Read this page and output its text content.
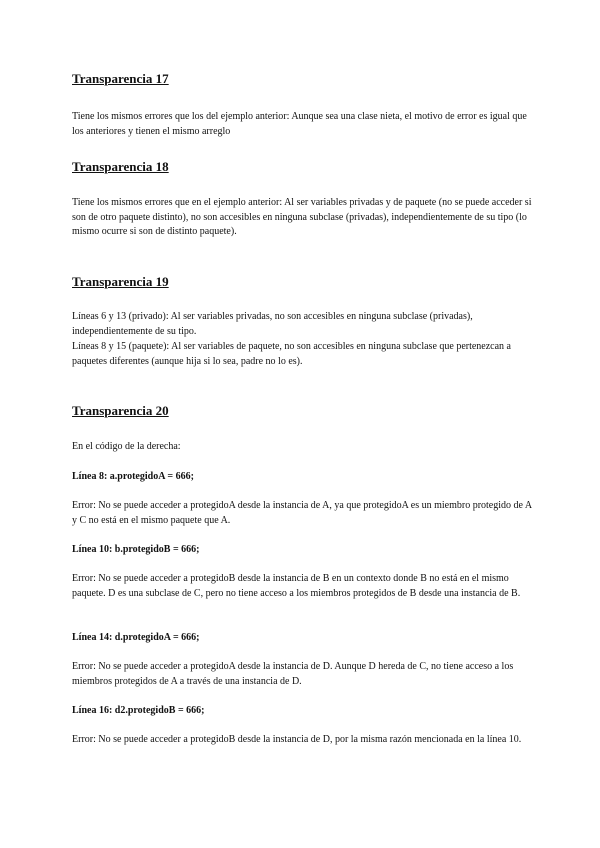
Transparencia 17

Tiene los mismos errores que los del ejemplo anterior: Aunque sea una clase nieta, el motivo de error es igual que los anteriores y tienen el mismo arreglo

Transparencia 18

Tiene los mismos errores que en el ejemplo anterior: Al ser variables privadas y de paquete (no se puede acceder si son de otro paquete distinto), no son accesibles en ninguna subclase (privadas), independientemente de su tipo (lo mismo ocurre si son de distinto paquete).

Transparencia 19

Líneas 6 y 13 (privado): Al ser variables privadas, no son accesibles en ninguna subclase (privadas), independientemente de su tipo.

Líneas 8 y 15 (paquete): Al ser variables de paquete, no son accesibles en ninguna subclase que pertenezcan a paquetes diferentes (aunque hija si lo sea, padre no lo es).

Transparencia 20

En el código de la derecha:

Línea 8: a.protegidoA = 666;

Error: No se puede acceder a protegidoA desde la instancia de A, ya que protegidoA es un miembro protegido de A y C no está en el mismo paquete que A.

Línea 10: b.protegidoB = 666;

Error: No se puede acceder a protegidoB desde la instancia de B en un contexto donde B no está en el mismo paquete. D es una subclase de C, pero no tiene acceso a los miembros protegidos de B desde una instancia de B.

Línea 14: d.protegidoA = 666;

Error: No se puede acceder a protegidoA desde la instancia de D. Aunque D hereda de C, no tiene acceso a los miembros protegidos de A a través de una instancia de D.

Línea 16: d2.protegidoB = 666;

Error: No se puede acceder a protegidoB desde la instancia de D, por la misma razón mencionada en la línea 10.
